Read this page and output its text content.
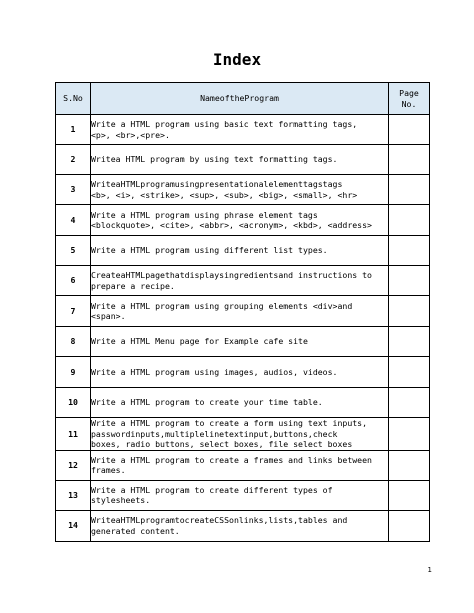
Index
S.No	NameoftheProgram	Page
No.
1	Write a HTML program using basic text formatting tags,
<p>, <br>,<pre>.	
2	Writea HTML program by using text formatting tags.	
3	WriteaHTMLprogramusingpresentationalelementtagstags
<b>, <i>, <strike>, <sup>, <sub>, <big>, <small>, <hr>	
4	Write a HTML program using phrase element tags
<blockquote>, <cite>, <abbr>, <acronym>, <kbd>, <address>	
5	Write a HTML program using different list types.	
6	CreateaHTMLpagethatdisplaysingredientsand instructions to
prepare a recipe.	
7	Write a HTML program using grouping elements <div>and
<span>.	
8	Write a HTML Menu page for Example cafe site	
9	Write a HTML program using images, audios, videos.	
10	Write a HTML program to create your time table.	
11	Write a HTML program to create a form using text inputs,
passwordinputs,multiplelinetextinput,buttons,check
boxes, radio buttons, select boxes, file select boxes	
12	Write a HTML program to create a frames and links between
frames.	
13	Write a HTML program to create different types of
stylesheets.	
14	WriteaHTMLprogramtocreateCSSonlinks,lists,tables and
generated content.	
1
